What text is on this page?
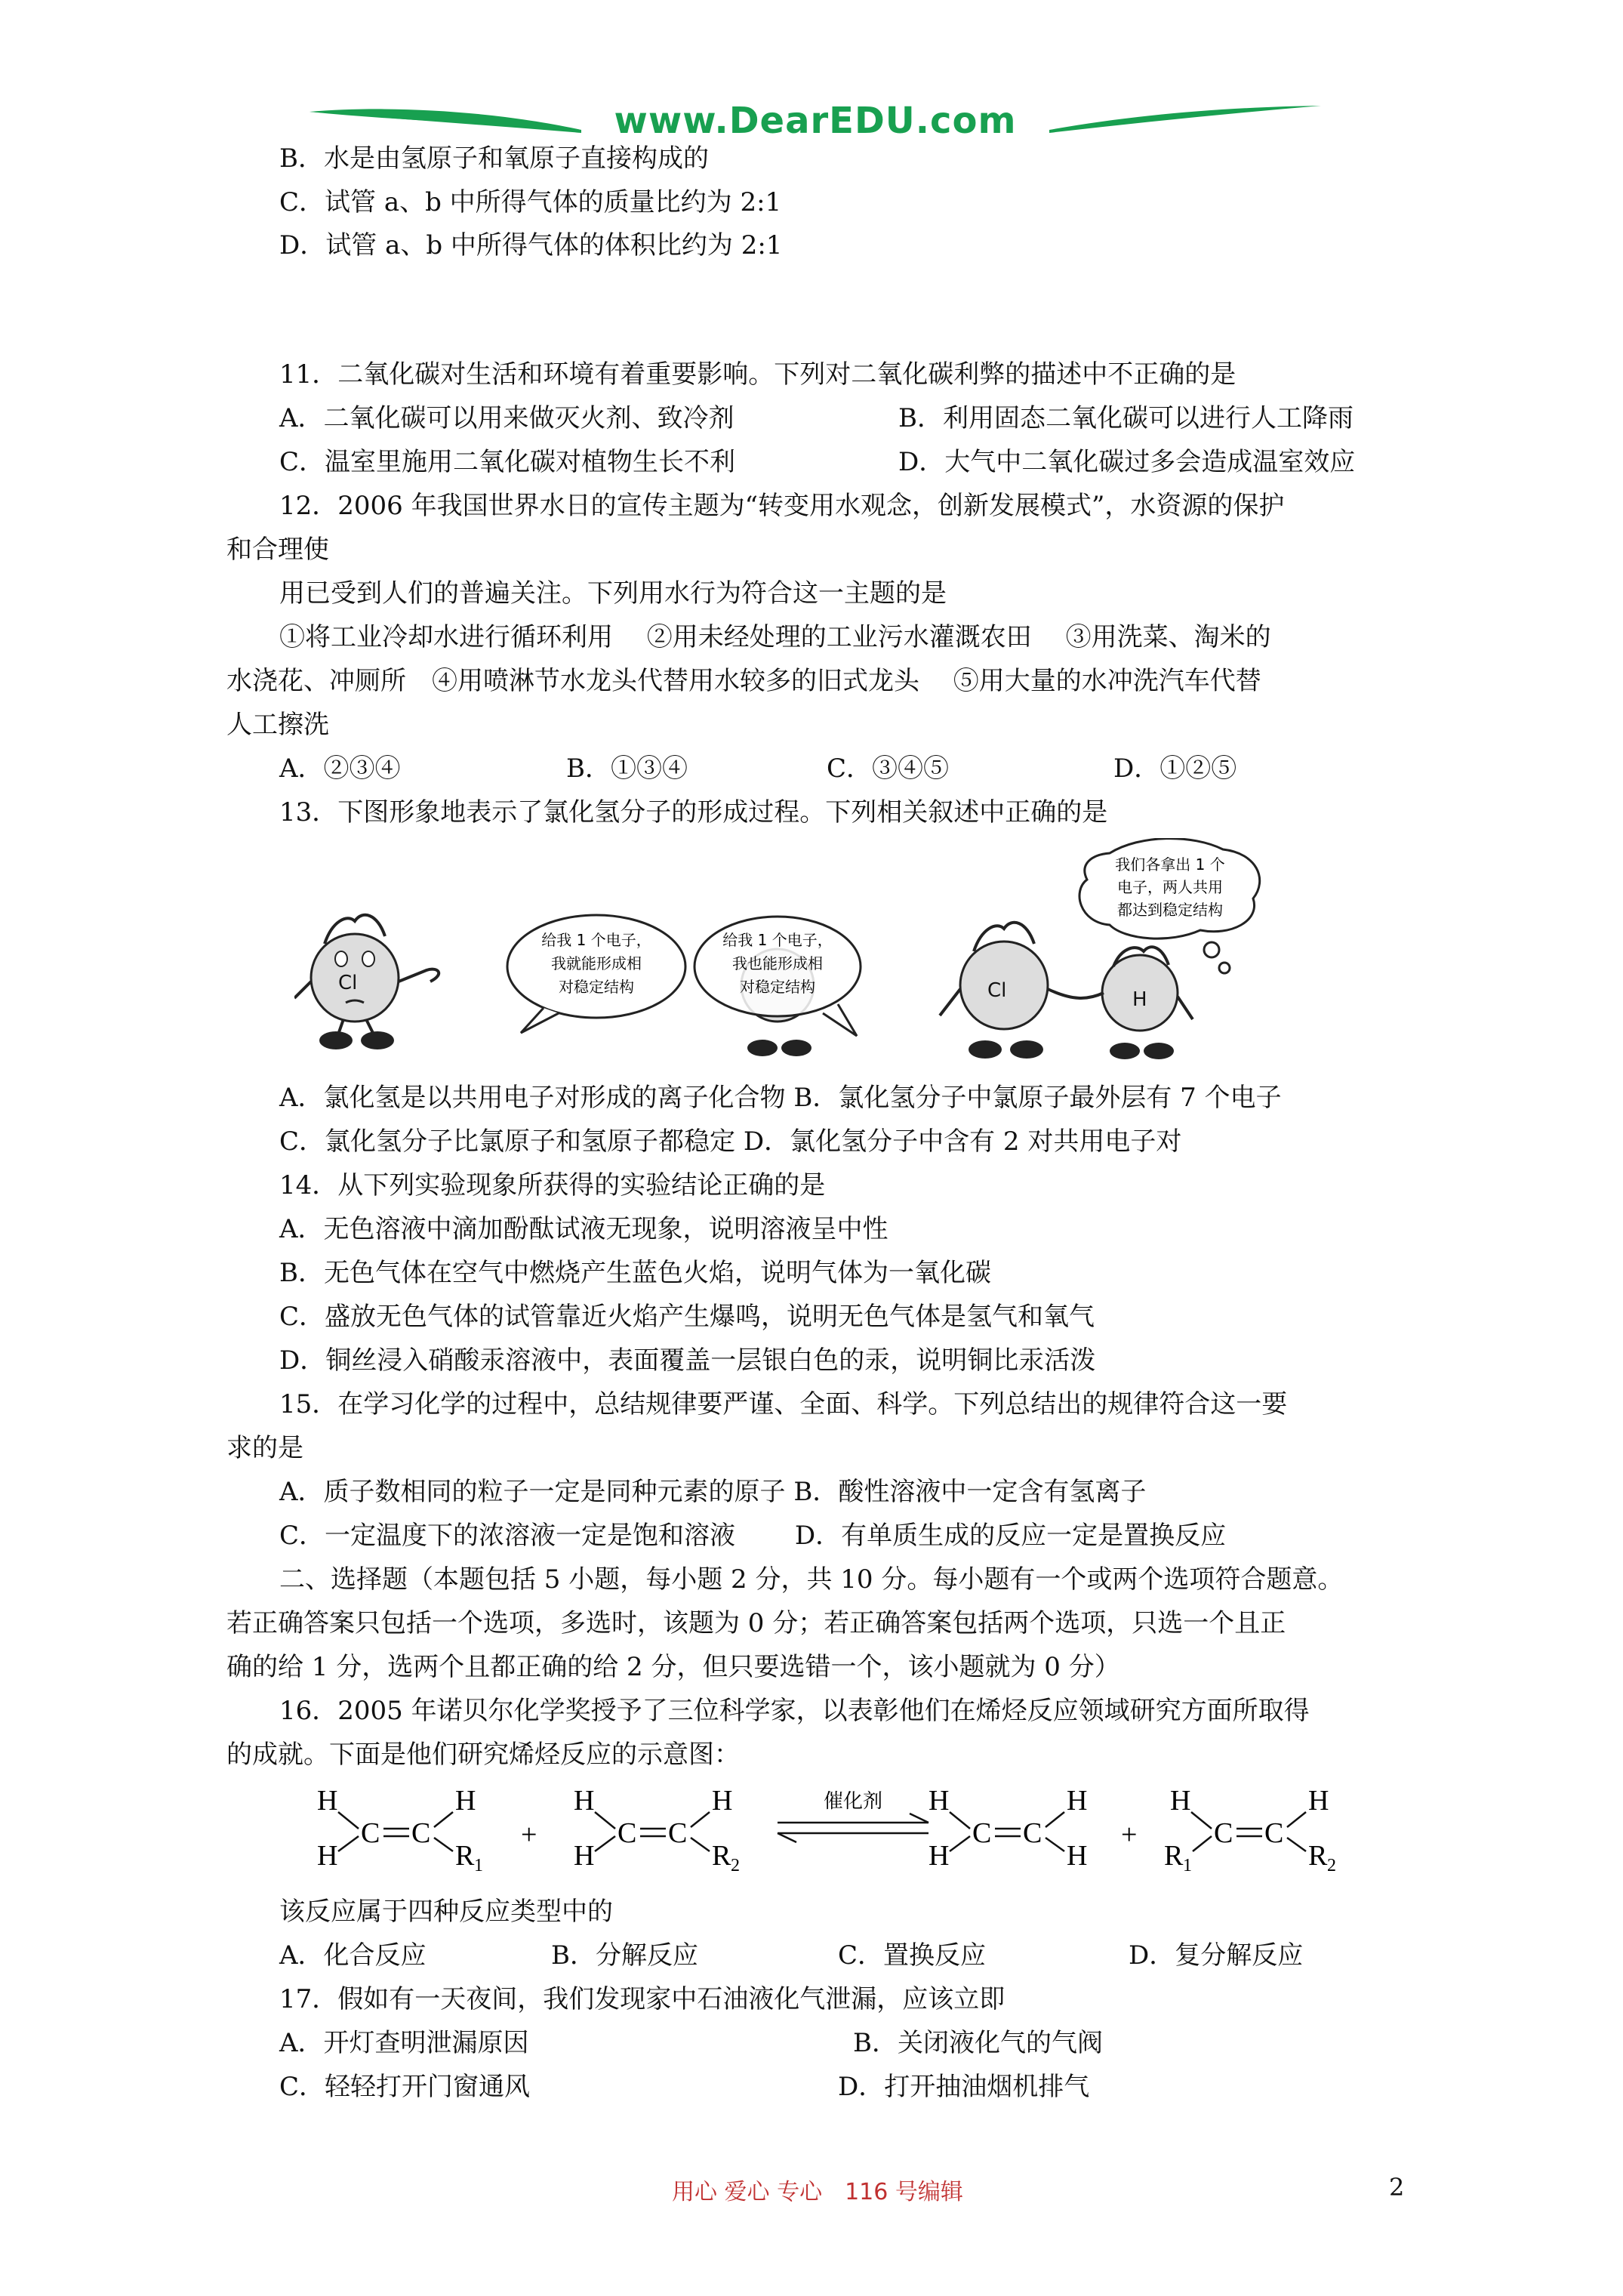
www.DearEDU.com
B．水是由氢原子和氧原子直接构成的
C．试管 a、b 中所得气体的质量比约为 2:1
D．试管 a、b 中所得气体的体积比约为 2:1
11．二氧化碳对生活和环境有着重要影响。下列对二氧化碳利弊的描述中不正确的是
A．二氧化碳可以用来做灭火剂、致冷剂	B．利用固态二氧化碳可以进行人工降雨
C．温室里施用二氧化碳对植物生长不利	D．大气中二氧化碳过多会造成温室效应
12．2006 年我国世界水日的宣传主题为“转变用水观念，创新发展模式”，水资源的保护
和合理使
用已受到人们的普遍关注。下列用水行为符合这一主题的是
①将工业冷却水进行循环利用　 ②用未经处理的工业污水灌溉农田　 ③用洗菜、淘米的
水浇花、冲厕所　④用喷淋节水龙头代替用水较多的旧式龙头　 ⑤用大量的水冲洗汽车代替
人工擦洗
A．②③④	B．①③④	C．③④⑤	D．①②⑤
13．下图形象地表示了氯化氢分子的形成过程。下列相关叙述中正确的是
Cl
给我 1 个电子，
我就能形成相
对稳定结构
给我 1 个电子，
我也能形成相
对稳定结构	Cl	H
我们各拿出 1 个
电子，两人共用
都达到稳定结构
A．氯化氢是以共用电子对形成的离子化合物 B．氯化氢分子中氯原子最外层有 7 个电子
C．氯化氢分子比氯原子和氢原子都稳定 D．氯化氢分子中含有 2 对共用电子对
14．从下列实验现象所获得的实验结论正确的是
A．无色溶液中滴加酚酞试液无现象，说明溶液呈中性
B．无色气体在空气中燃烧产生蓝色火焰，说明气体为一氧化碳
C．盛放无色气体的试管靠近火焰产生爆鸣，说明无色气体是氢气和氧气
D．铜丝浸入硝酸汞溶液中，表面覆盖一层银白色的汞，说明铜比汞活泼
15．在学习化学的过程中，总结规律要严谨、全面、科学。下列总结出的规律符合这一要
求的是
A．质子数相同的粒子一定是同种元素的原子 B．酸性溶液中一定含有氢离子
C．一定温度下的浓溶液一定是饱和溶液　　 D．有单质生成的反应一定是置换反应
二、选择题（本题包括 5 小题，每小题 2 分，共 10 分。每小题有一个或两个选项符合题意。
若正确答案只包括一个选项，多选时，该题为 0 分；若正确答案包括两个选项，只选一个且正
确的给 1 分，选两个且都正确的给 2 分，但只要选错一个，该小题就为 0 分）
16．2005 年诺贝尔化学奖授予了三位科学家，以表彰他们在烯烃反应领域研究方面所取得
的成就。下面是他们研究烯烃反应的示意图：
H
H
C C
H
R 1
+
H
H
C C
H
R 2
催化剂 H
H
C C
H
H
+
H
R 1
C C
H
R 2
该反应属于四种反应类型中的
A．化合反应	B．分解反应	C．置换反应	D．复分解反应
17．假如有一天夜间，我们发现家中石油液化气泄漏，应该立即
A．开灯查明泄漏原因	B．关闭液化气的气阀
C．轻轻打开门窗通风	D．打开抽油烟机排气
用心 爱心 专心　116 号编辑	2
